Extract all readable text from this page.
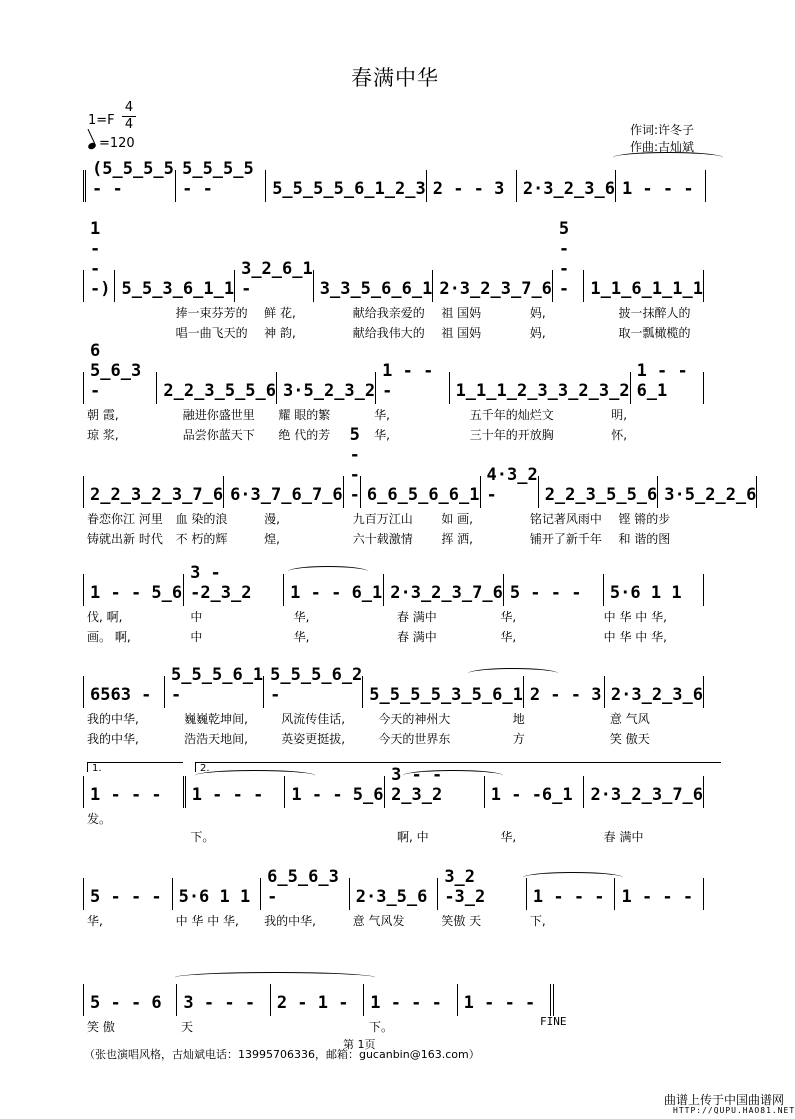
春满中华
1=F
4
4
=120
作词:许冬子
作曲:古灿斌
(5̲5̲5̲5 - -
5̲5̲5̲5 - -	5̲5̲5̲5̲6̲1̲2̲3 2 - - 3	2·3̲2̲3̲6 1 - - -
1 - - -) 5̲5̲3̲6̲1̲1
3̲2̲6̲1 -	3̲3̲5̲6̲6̲1 2·3̲2̲3̲7̲6
5 - - -	1̲1̲6̲1̲1̲1
捧一束芬芳的	鲜 花,	献给我亲爱的	祖 国妈	妈,	披一抹醉人的
唱一曲飞天的	神 韵,	献给我伟大的	祖 国妈	妈,	取一瓢橄榄的
6 5̲6̲3 -	2̲2̲3̲5̲5̲6 3·5̲2̲3̲2
1 - - -	1̲1̲1̲2̲3̲3̲2̲3̲2
1 - - 6̲1
朝 霞,	融进你盛世里	耀 眼的繁	华,	五千年的灿烂文	明,
琼 浆,	品尝你蓝天下	绝 代的芳	华,	三十年的开放胸	怀,
2̲2̲3̲2̲3̲7̲6 6·3̲7̲6̲7̲6
5 - - - 6̲6̲5̲6̲6̲1
4·3̲2 -	2̲2̲3̲5̲5̲6 3·5̲2̲2̲6
眷恋你江 河里	血 染的浪	漫,	九百万江山	如 画,	铭记著风雨中	铿 锵的步
铸就出新 时代	不 朽的辉	煌,	六十载激情	挥 洒,	铺开了新千年	和 谐的图
1 - - 5̲6
3 - -2̲3̲2	1 - - 6̲1 2·3̲2̲3̲7̲6 5 - - -	5·6 1 1
伐, 啊,	中	华,	春 满中	华,	中 华 中 华,
画。 啊,	中	华,	春 满中	华,	中 华 中 华,
6563 -
5̲5̲5̲6̲1 -
5̲5̲5̲6̲2 -	5̲5̲5̲5̲3̲5̲6̲1 2 - - 3 2·3̲2̲3̲6
我的中华,	巍巍乾坤间,	风流传佳话,	今天的神州大	地	意 气风
我的中华,	浩浩天地间,	英姿更挺拔,	今天的世界东	方	笑 傲天
1.	2.
1 - - -	1 - - -	1 - - 5̲6
3 - - 2̲3̲2	1 - -6̲1	2·3̲2̲3̲7̲6
发。
下。	啊, 中	华,	春 满中
5 - - - 5·6 1 1
6̲5̲6̲3 -	2·3̲5̲6
3̲2 -3̲2	1 - - - 1 - - -
华,	中 华 中 华,	我的中华,	意 气风发	笑傲 天	下,
5 - - 6	3 - - -	2 - 1 -	1 - - -	1 - - -
笑 傲	天	下。	FINE
第 1页
（张也演唱风格，古灿斌电话：13995706336，邮箱：gucanbin@163.com）
曲谱上传于中国曲谱网
HTTP://QUPU.HAO81.NET
